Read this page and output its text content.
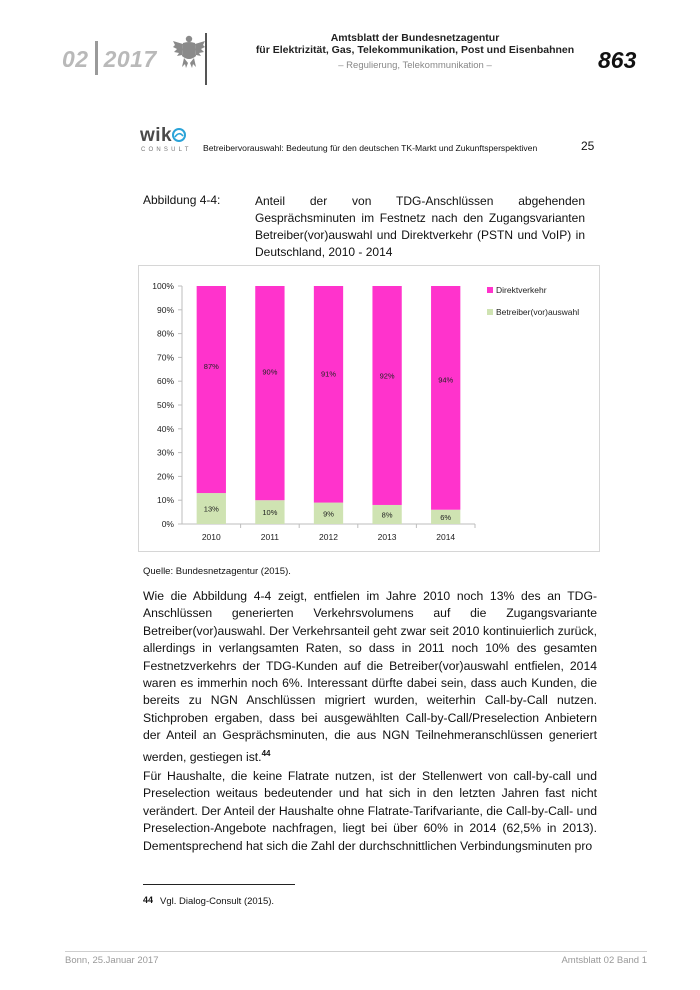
02 2017
Amtsblatt der Bundesnetzagentur
für Elektrizität, Gas, Telekommunikation, Post und Eisenbahnen
– Regulierung, Telekommunikation –	863
wik
CONSULT Betreibervorauswahl: Bedeutung für den deutschen TK-Markt und Zukunftsperspektiven	25
Abbildung 4-4:	Anteil der von TDG-Anschlüssen abgehenden Gesprächsminuten im Festnetz nach den Zugangsvarianten Betreiber(vor)auswahl und Direktverkehr (PSTN und VoIP) in Deutschland, 2010 - 2014
0%
10%
20%
30%
40%
50%
60%
70%
80%
90%
100%
13%
87%
2010
10%
90%
2011
9%
91%
2012
8%
92%
2013
6%
94%
2014
Direktverkehr
Betreiber(vor)auswahl
Quelle: Bundesnetzagentur (2015).
Wie die Abbildung 4-4 zeigt, entfielen im Jahre 2010 noch 13% des an TDG-Anschlüssen generierten Verkehrsvolumens auf die Zugangsvariante Betreiber(vor)auswahl. Der Verkehrsanteil geht zwar seit 2010 kontinuierlich zurück, allerdings in verlangsamten Raten, so dass in 2011 noch 10% des gesamten Festnetzverkehrs der TDG-Kunden auf die Betreiber(vor)auswahl entfielen, 2014 waren es immerhin noch 6%. Interessant dürfte dabei sein, dass auch Kunden, die bereits zu NGN Anschlüssen migriert wurden, weiterhin Call-by-Call nutzen. Stichproben ergaben, dass bei ausgewählten Call-by-Call/Preselection Anbietern der Anteil an Gesprächsminuten, die aus NGN Teilnehmeranschlüssen generiert werden, gestiegen ist.$^{44}$
Für Haushalte, die keine Flatrate nutzen, ist der Stellenwert von call-by-call und Preselection weitaus bedeutender und hat sich in den letzten Jahren fast nicht verändert. Der Anteil der Haushalte ohne Flatrate-Tarifvariante, die Call-by-Call- und Preselection-Angebote nachfragen, liegt bei über 60% in 2014 (62,5% in 2013). Dementsprechend hat sich die Zahl der durchschnittlichen Verbindungsminuten pro
44 Vgl. Dialog-Consult (2015).
Bonn, 25.Januar 2017	Amtsblatt 02 Band 1
